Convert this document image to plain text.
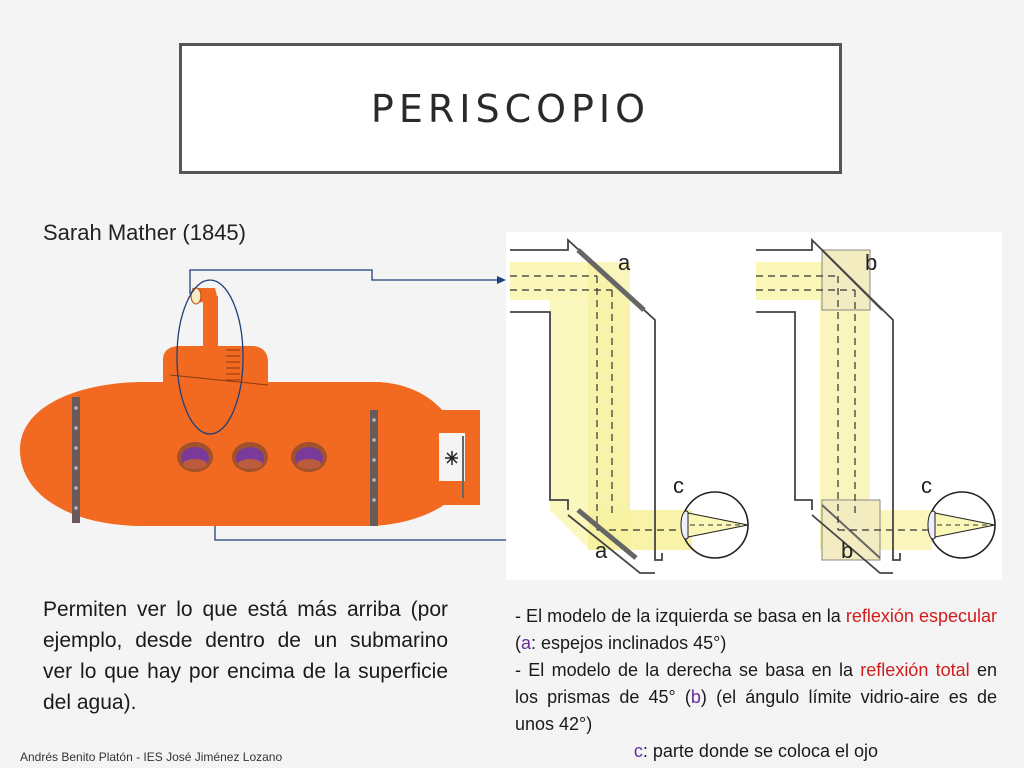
PERISCOPIO
Sarah Mather (1845)
a
a
c
b
b
c
Permiten ver lo que está más arriba (por ejemplo, desde dentro de un submarino ver lo que hay por encima de la superficie del agua).

- El modelo de la izquierda se basa en la reflexión especular (a: espejos inclinados 45°)

- El modelo de la derecha se basa en la reflexión total en los prismas de 45° (b) (el ángulo límite vidrio-aire es de unos 42°)

c: parte donde se coloca el ojo

Andrés Benito Platón - IES José Jiménez Lozano
